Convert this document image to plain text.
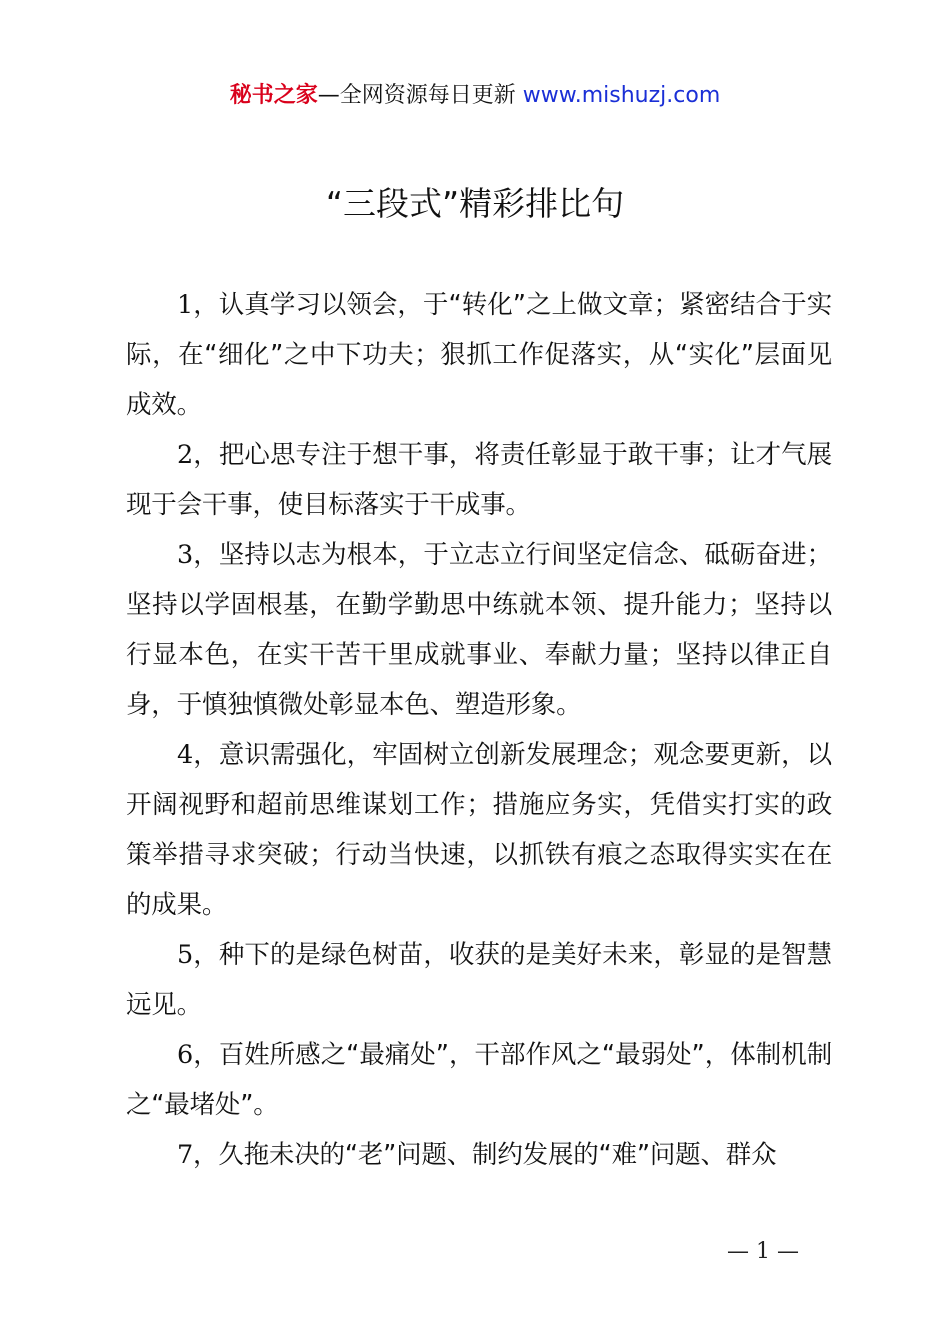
秘书之家—全网资源每日更新 www.mishuzj.com
“三段式”精彩排比句

1，认真学习以领会，于“转化”之上做文章；紧密结合于实际，在“细化”之中下功夫；狠抓工作促落实，从“实化”层面见成效。

2，把心思专注于想干事，将责任彰显于敢干事；让才气展现于会干事，使目标落实于干成事。

3，坚持以志为根本，于立志立行间坚定信念、砥砺奋进；坚持以学固根基，在勤学勤思中练就本领、提升能力；坚持以行显本色，在实干苦干里成就事业、奉献力量；坚持以律正自身，于慎独慎微处彰显本色、塑造形象。

4，意识需强化，牢固树立创新发展理念；观念要更新，以开阔视野和超前思维谋划工作；措施应务实，凭借实打实的政策举措寻求突破；行动当快速，以抓铁有痕之态取得实实在在的成果。

5，种下的是绿色树苗，收获的是美好未来，彰显的是智慧远见。

6，百姓所感之“最痛处”，干部作风之“最弱处”，体制机制之“最堵处”。

7，久拖未决的“老”问题、制约发展的“难”问题、群众

— 1 —
